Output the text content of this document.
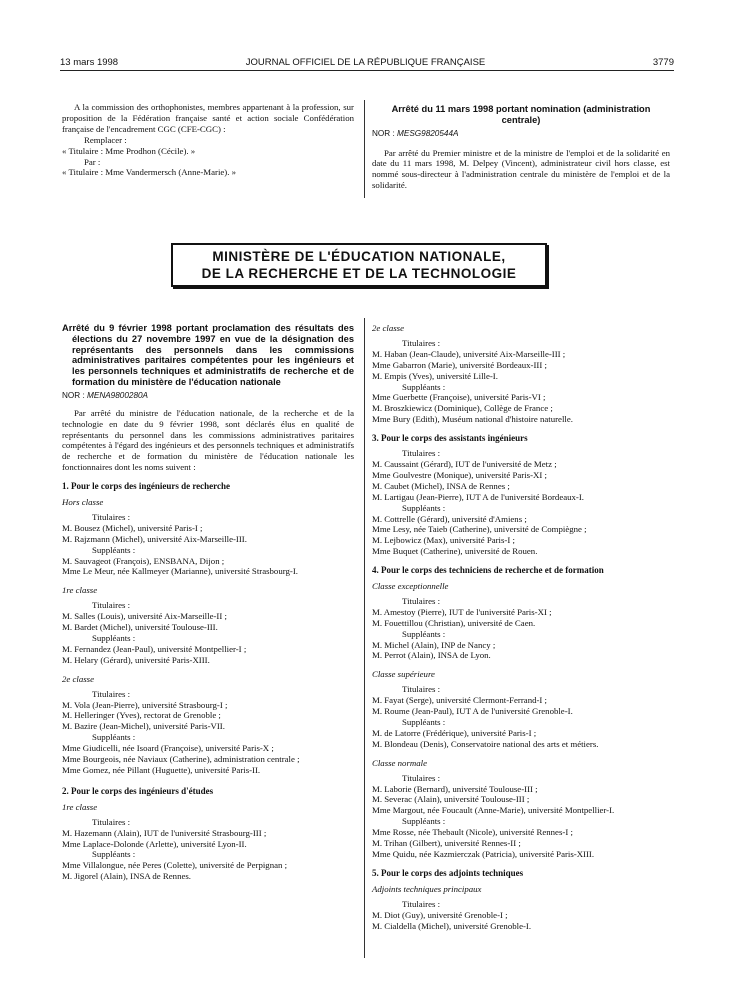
13 mars 1998	JOURNAL OFFICIEL DE LA RÉPUBLIQUE FRANÇAISE	3779

A la commission des orthophonistes, membres appartenant à la profession, sur proposition de la Fédération française santé et action sociale Confédération française de l'encadrement CGC (CFE-CGC) :

Remplacer :

« Titulaire : Mme Prodhon (Cécile). »

Par :

« Titulaire : Mme Vandermersch (Anne-Marie). »

Arrêté du 11 mars 1998 portant nomination (administration centrale)

NOR : MESG9820544A

Par arrêté du Premier ministre et de la ministre de l'emploi et de la solidarité en date du 11 mars 1998, M. Delpey (Vincent), administrateur civil hors classe, est nommé sous-directeur à l'administration centrale du ministère de l'emploi et de la solidarité.

MINISTÈRE DE L'ÉDUCATION NATIONALE,
DE LA RECHERCHE ET DE LA TECHNOLOGIE

Arrêté du 9 février 1998 portant proclamation des résultats des élections du 27 novembre 1997 en vue de la désignation des représentants des personnels dans les commissions administratives paritaires compétentes pour les ingénieurs et les personnels techniques et administratifs de recherche et de formation du ministère de l'éducation nationale

NOR : MENA9800280A

Par arrêté du ministre de l'éducation nationale, de la recherche et de la technologie en date du 9 février 1998, sont déclarés élus en qualité de représentants du personnel dans les commissions administratives paritaires compétentes à l'égard des ingénieurs et des personnels techniques et administratifs de recherche et de formation du ministère de l'éducation nationale les fonctionnaires dont les noms suivent :

1. Pour le corps des ingénieurs de recherche

Hors classe

Titulaires :

M. Bousez (Michel), université Paris-I ;

M. Rajzmann (Michel), université Aix-Marseille-III.

Suppléants :

M. Sauvageot (François), ENSBANA, Dijon ;

Mme Le Meur, née Kallmeyer (Marianne), université Strasbourg-I.

1re classe

Titulaires :

M. Salles (Louis), université Aix-Marseille-II ;

M. Bardet (Michel), université Toulouse-III.

Suppléants :

M. Fernandez (Jean-Paul), université Montpellier-I ;

M. Helary (Gérard), université Paris-XIII.

2e classe

Titulaires :

M. Vola (Jean-Pierre), université Strasbourg-I ;

M. Helleringer (Yves), rectorat de Grenoble ;

M. Bazire (Jean-Michel), université Paris-VII.

Suppléants :

Mme Giudicelli, née Isoard (Françoise), université Paris-X ;

Mme Bourgeois, née Naviaux (Catherine), administration centrale ;

Mme Gomez, née Pillant (Huguette), université Paris-II.

2. Pour le corps des ingénieurs d'études

1re classe

Titulaires :

M. Hazemann (Alain), IUT de l'université Strasbourg-III ;

Mme Laplace-Dolonde (Arlette), université Lyon-II.

Suppléants :

Mme Villalongue, née Peres (Colette), université de Perpignan ;

M. Jigorel (Alain), INSA de Rennes.

2e classe

Titulaires :

M. Haban (Jean-Claude), université Aix-Marseille-III ;

Mme Gabarron (Marie), université Bordeaux-III ;

M. Empis (Yves), université Lille-I.

Suppléants :

Mme Guerbette (Françoise), université Paris-VI ;

M. Broszkiewicz (Dominique), Collège de France ;

Mme Bury (Edith), Muséum national d'histoire naturelle.

3. Pour le corps des assistants ingénieurs

Titulaires :

M. Caussaint (Gérard), IUT de l'université de Metz ;

Mme Goulvestre (Monique), université Paris-XI ;

M. Caubet (Michel), INSA de Rennes ;

M. Lartigau (Jean-Pierre), IUT A de l'université Bordeaux-I.

Suppléants :

M. Cottrelle (Gérard), université d'Amiens ;

Mme Lesy, née Taieb (Catherine), université de Compiègne ;

M. Lejbowicz (Max), université Paris-I ;

Mme Buquet (Catherine), université de Rouen.

4. Pour le corps des techniciens de recherche et de formation

Classe exceptionnelle

Titulaires :

M. Amestoy (Pierre), IUT de l'université Paris-XI ;

M. Fouettillou (Christian), université de Caen.

Suppléants :

M. Michel (Alain), INP de Nancy ;

M. Perrot (Alain), INSA de Lyon.

Classe supérieure

Titulaires :

M. Fayat (Serge), université Clermont-Ferrand-I ;

M. Roume (Jean-Paul), IUT A de l'université Grenoble-I.

Suppléants :

M. de Latorre (Frédérique), université Paris-I ;

M. Blondeau (Denis), Conservatoire national des arts et métiers.

Classe normale

Titulaires :

M. Laborie (Bernard), université Toulouse-III ;

M. Severac (Alain), université Toulouse-III ;

Mme Margout, née Foucault (Anne-Marie), université Montpellier-I.

Suppléants :

Mme Rosse, née Thebault (Nicole), université Rennes-I ;

M. Trihan (Gilbert), université Rennes-II ;

Mme Quidu, née Kazmierczak (Patricia), université Paris-XIII.

5. Pour le corps des adjoints techniques

Adjoints techniques principaux

Titulaires :

M. Diot (Guy), université Grenoble-I ;

M. Cialdella (Michel), université Grenoble-I.
